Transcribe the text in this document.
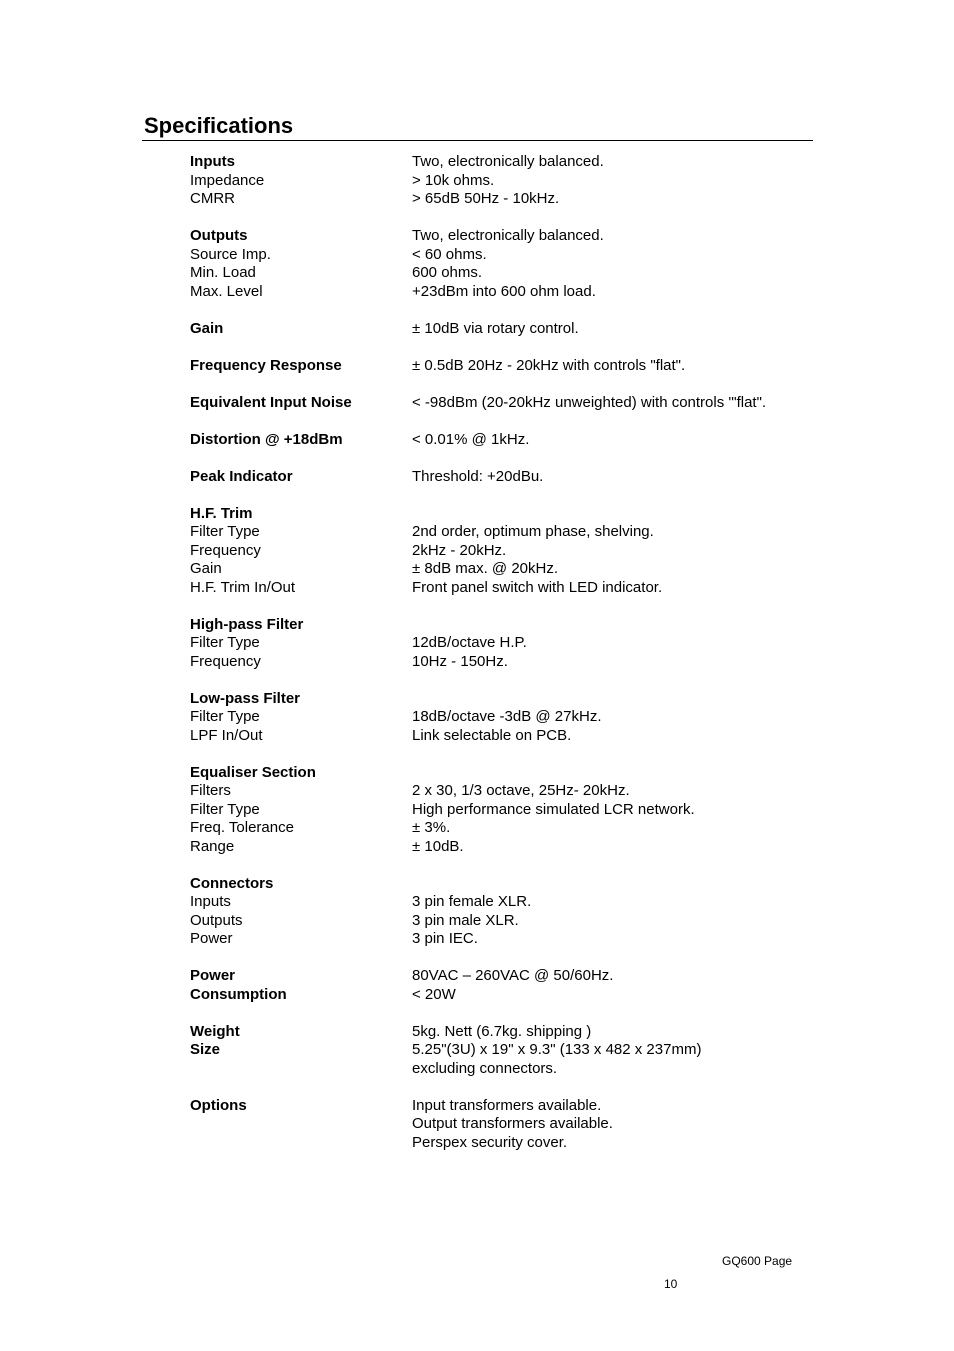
Specifications
Inputs	Two, electronically balanced.
Impedance	> 10k ohms.
CMRR	> 65dB 50Hz - 10kHz.
Outputs	Two, electronically balanced.
Source Imp.	< 60 ohms.
Min. Load	600 ohms.
Max. Level	+23dBm into 600 ohm load.
Gain	± 10dB via rotary control.
Frequency Response	± 0.5dB 20Hz - 20kHz with controls "flat".
Equivalent Input Noise	< -98dBm (20-20kHz unweighted) with controls '"flat".
Distortion @ +18dBm	< 0.01% @ 1kHz.
Peak Indicator	Threshold: +20dBu.
H.F. Trim
Filter Type	2nd order, optimum phase, shelving.
Frequency	2kHz - 20kHz.
Gain	± 8dB max. @ 20kHz.
H.F. Trim In/Out	Front panel switch with LED indicator.
High-pass Filter
Filter Type	12dB/octave H.P.
Frequency	10Hz - 150Hz.
Low-pass Filter
Filter Type	18dB/octave -3dB @ 27kHz.
LPF In/Out	Link selectable on PCB.
Equaliser Section
Filters	2 x 30, 1/3 octave, 25Hz- 20kHz.
Filter Type	High performance simulated LCR network.
Freq. Tolerance	± 3%.
Range	± 10dB.
Connectors
Inputs	3 pin female XLR.
Outputs	3 pin male XLR.
Power	3 pin IEC.
Power	80VAC – 260VAC @ 50/60Hz.
Consumption	< 20W
Weight	5kg. Nett (6.7kg. shipping )
Size	5.25"(3U) x 19" x 9.3" (133 x 482 x 237mm)
excluding connectors.
Options	Input transformers available.
Output transformers available.
Perspex security cover.
GQ600 Page
10
